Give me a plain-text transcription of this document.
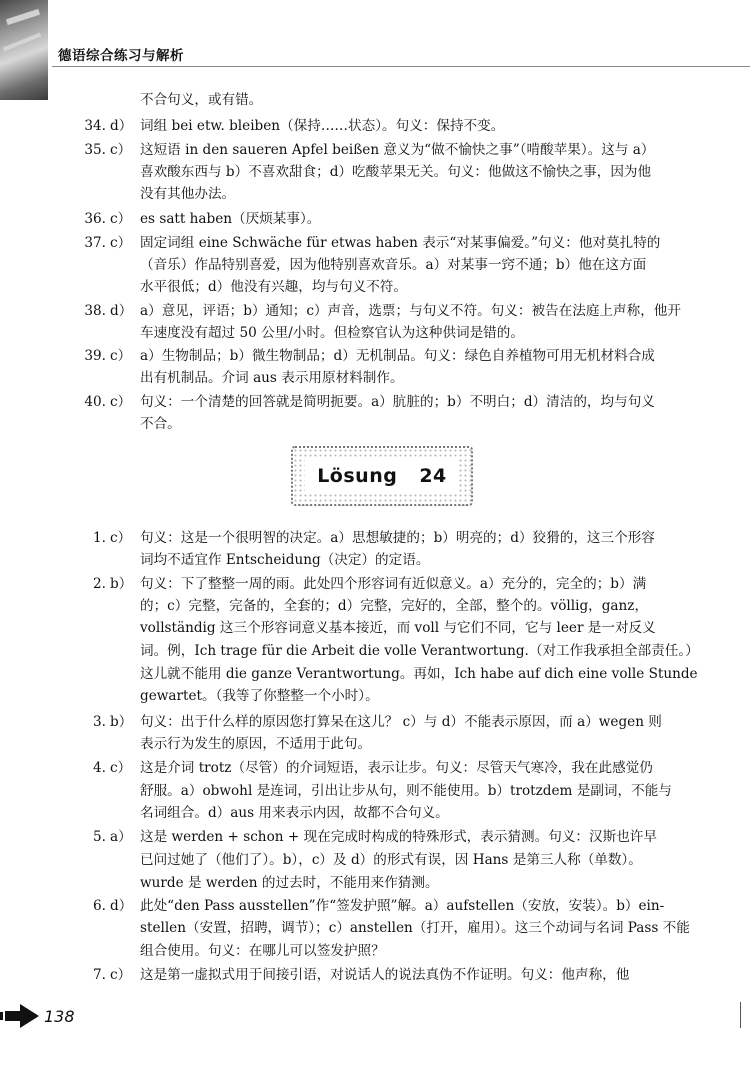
德语综合练习与解析
不合句义，或有错。
34. d） 词组 bei etw. bleiben（保持……状态）。句义：保持不变。
35. c） 这短语 in den saueren Apfel beißen 意义为“做不愉快之事”（啃酸苹果）。这与 a）
喜欢酸东西与 b）不喜欢甜食；d）吃酸苹果无关。句义：他做这不愉快之事，因为他
没有其他办法。
36. c） es satt haben（厌烦某事）。
37. c） 固定词组 eine Schwäche für etwas haben 表示“对某事偏爱。”句义：他对莫扎特的
（音乐）作品特别喜爱，因为他特别喜欢音乐。a）对某事一窍不通；b）他在这方面
水平很低；d）他没有兴趣，均与句义不符。
38. d） a）意见，评语；b）通知；c）声音，选票；与句义不符。句义：被告在法庭上声称，他开
车速度没有超过 50 公里/小时。但检察官认为这种供词是错的。
39. c） a）生物制品；b）微生物制品；d）无机制品。句义：绿色自养植物可用无机材料合成
出有机制品。介词 aus 表示用原材料制作。
40. c） 句义：一个清楚的回答就是简明扼要。a）肮脏的；b）不明白；d）清洁的，均与句义
不合。
Lösung 24
1. c） 句义：这是一个很明智的决定。a）思想敏捷的；b）明亮的；d）狡猾的，这三个形容
词均不适宜作 Entscheidung（决定）的定语。
2. b） 句义：下了整整一周的雨。此处四个形容词有近似意义。a）充分的，完全的；b）满
的；c）完整，完备的，全套的；d）完整，完好的，全部，整个的。völlig，ganz，
vollständig 这三个形容词意义基本接近，而 voll 与它们不同，它与 leer 是一对反义
词。例，Ich trage für die Arbeit die volle Verantwortung.（对工作我承担全部责任。）
这儿就不能用 die ganze Verantwortung。再如，Ich habe auf dich eine volle Stunde
gewartet。（我等了你整整一个小时）。
3. b） 句义：出于什么样的原因您打算呆在这儿？ c）与 d）不能表示原因，而 a）wegen 则
表示行为发生的原因，不适用于此句。
4. c） 这是介词 trotz（尽管）的介词短语，表示让步。句义：尽管天气寒冷，我在此感觉仍
舒服。a）obwohl 是连词，引出让步从句，则不能使用。b）trotzdem 是副词，不能与
名词组合。d）aus 用来表示内因，故都不合句义。
5. a） 这是 werden + schon + 现在完成时构成的特殊形式，表示猜测。句义：汉斯也许早
已问过她了（他们了）。b），c）及 d）的形式有误，因 Hans 是第三人称（单数）。
wurde 是 werden 的过去时，不能用来作猜测。
6. d） 此处“den Pass ausstellen”作“签发护照”解。a）aufstellen（安放，安装）。b）ein-
stellen（安置，招聘，调节）；c）anstellen（打开，雇用）。这三个动词与名词 Pass 不能
组合使用。句义：在哪儿可以签发护照？
7. c） 这是第一虚拟式用于间接引语，对说话人的说法真伪不作证明。句义：他声称，他
138
